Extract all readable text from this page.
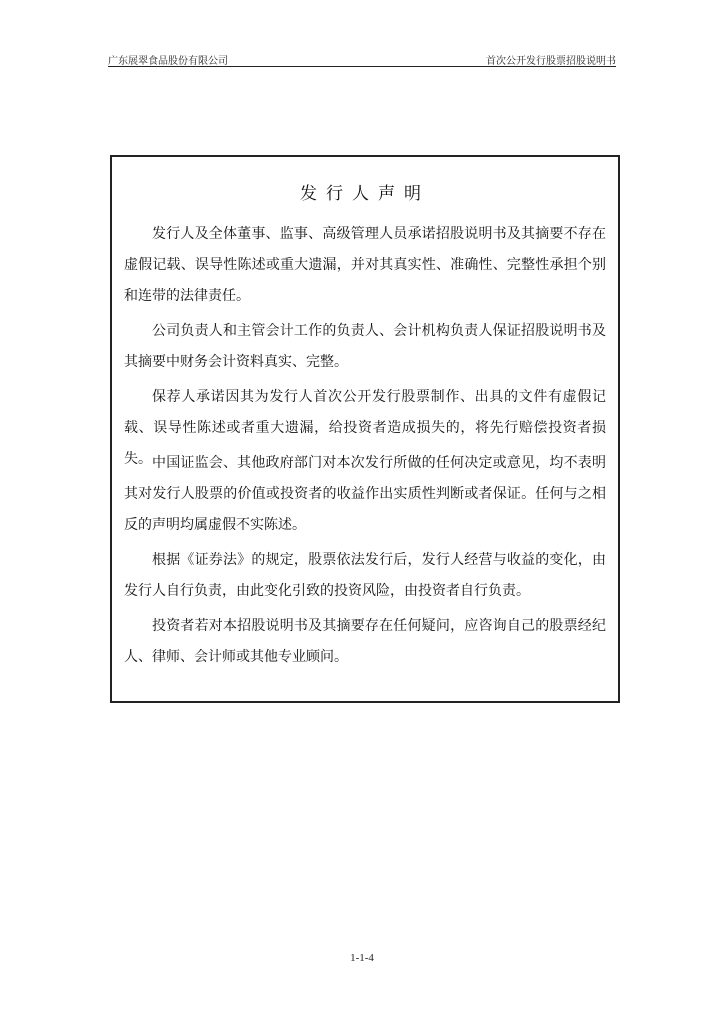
广东展翠食品股份有限公司	首次公开发行股票招股说明书
发行人声明

发行人及全体董事、监事、高级管理人员承诺招股说明书及其摘要不存在虚假记载、误导性陈述或重大遗漏，并对其真实性、准确性、完整性承担个别和连带的法律责任。

公司负责人和主管会计工作的负责人、会计机构负责人保证招股说明书及其摘要中财务会计资料真实、完整。

保荐人承诺因其为发行人首次公开发行股票制作、出具的文件有虚假记载、误导性陈述或者重大遗漏，给投资者造成损失的，将先行赔偿投资者损失。 中国证监会、其他政府部门对本次发行所做的任何决定或意见，均不表明其对发行人股票的价值或投资者的收益作出实质性判断或者保证。任何与之相反的声明均属虚假不实陈述。

根据《证券法》的规定，股票依法发行后，发行人经营与收益的变化，由发行人自行负责，由此变化引致的投资风险，由投资者自行负责。

投资者若对本招股说明书及其摘要存在任何疑问，应咨询自己的股票经纪人、律师、会计师或其他专业顾问。

1-1-4
